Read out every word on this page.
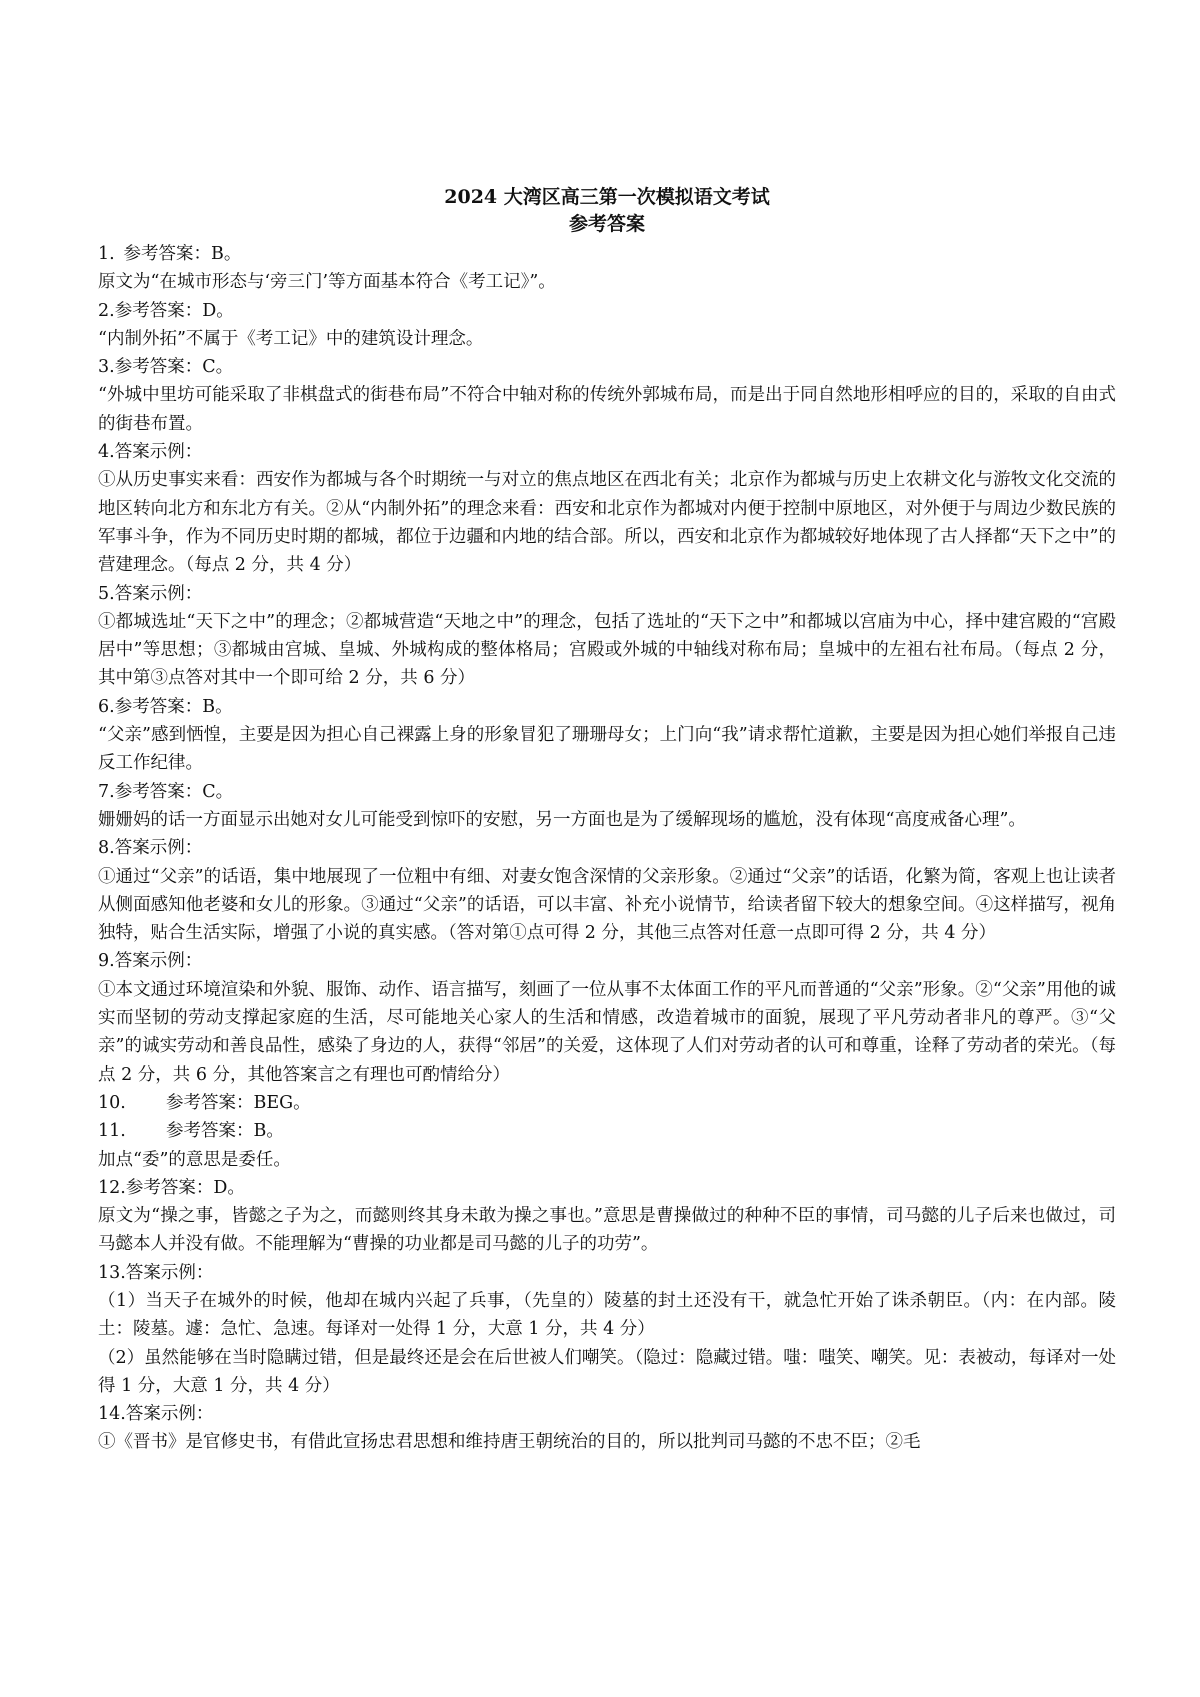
2024 大湾区高三第一次模拟语文考试

参考答案

1. 参考答案：B。

原文为“在城市形态与‘旁三门’等方面基本符合《考工记》”。

2.参考答案：D。

“内制外拓”不属于《考工记》中的建筑设计理念。

3.参考答案：C。

“外城中里坊可能采取了非棋盘式的街巷布局”不符合中轴对称的传统外郭城布局，而是出于同自然地形相呼应的目的，采取的自由式的街巷布置。

4.答案示例：

①从历史事实来看：西安作为都城与各个时期统一与对立的焦点地区在西北有关；北京作为都城与历史上农耕文化与游牧文化交流的地区转向北方和东北方有关。②从“内制外拓”的理念来看：西安和北京作为都城对内便于控制中原地区，对外便于与周边少数民族的军事斗争，作为不同历史时期的都城，都位于边疆和内地的结合部。所以，西安和北京作为都城较好地体现了古人择都“天下之中”的营建理念。（每点 2 分，共 4 分）

5.答案示例：

①都城选址“天下之中”的理念；②都城营造“天地之中”的理念，包括了选址的“天下之中”和都城以宫庙为中心，择中建宫殿的“宫殿居中”等思想；③都城由宫城、皇城、外城构成的整体格局；宫殿或外城的中轴线对称布局；皇城中的左祖右社布局。（每点 2 分，其中第③点答对其中一个即可给 2 分，共 6 分）

6.参考答案：B。

“父亲”感到恓惶，主要是因为担心自己裸露上身的形象冒犯了珊珊母女；上门向“我”请求帮忙道歉，主要是因为担心她们举报自己违反工作纪律。

7.参考答案：C。

姗姗妈的话一方面显示出她对女儿可能受到惊吓的安慰，另一方面也是为了缓解现场的尴尬，没有体现“高度戒备心理”。

8.答案示例：

①通过“父亲”的话语，集中地展现了一位粗中有细、对妻女饱含深情的父亲形象。②通过“父亲”的话语，化繁为简，客观上也让读者从侧面感知他老婆和女儿的形象。③通过“父亲”的话语，可以丰富、补充小说情节，给读者留下较大的想象空间。④这样描写，视角独特，贴合生活实际，增强了小说的真实感。（答对第①点可得 2 分，其他三点答对任意一点即可得 2 分，共 4 分）

9.答案示例：

①本文通过环境渲染和外貌、服饰、动作、语言描写，刻画了一位从事不太体面工作的平凡而普通的“父亲”形象。②“父亲”用他的诚实而坚韧的劳动支撑起家庭的生活，尽可能地关心家人的生活和情感，改造着城市的面貌，展现了平凡劳动者非凡的尊严。③“父亲”的诚实劳动和善良品性，感染了身边的人，获得“邻居”的关爱，这体现了人们对劳动者的认可和尊重，诠释了劳动者的荣光。（每点 2 分，共 6 分，其他答案言之有理也可酌情给分）

10. 参考答案：BEG。

11. 参考答案：B。

加点“委”的意思是委任。

12.参考答案：D。

原文为“操之事，皆懿之子为之，而懿则终其身未敢为操之事也。”意思是曹操做过的种种不臣的事情，司马懿的儿子后来也做过，司马懿本人并没有做。不能理解为“曹操的功业都是司马懿的儿子的功劳”。

13.答案示例：

（1）当天子在城外的时候，他却在城内兴起了兵事，（先皇的）陵墓的封土还没有干，就急忙开始了诛杀朝臣。（内：在内部。陵土：陵墓。遽：急忙、急速。每译对一处得 1 分，大意 1 分，共 4 分）

（2）虽然能够在当时隐瞒过错，但是最终还是会在后世被人们嘲笑。（隐过：隐藏过错。嗤：嗤笑、嘲笑。见：表被动，每译对一处得 1 分，大意 1 分，共 4 分）

14.答案示例：

①《晋书》是官修史书，有借此宣扬忠君思想和维持唐王朝统治的目的，所以批判司马懿的不忠不臣；②毛
